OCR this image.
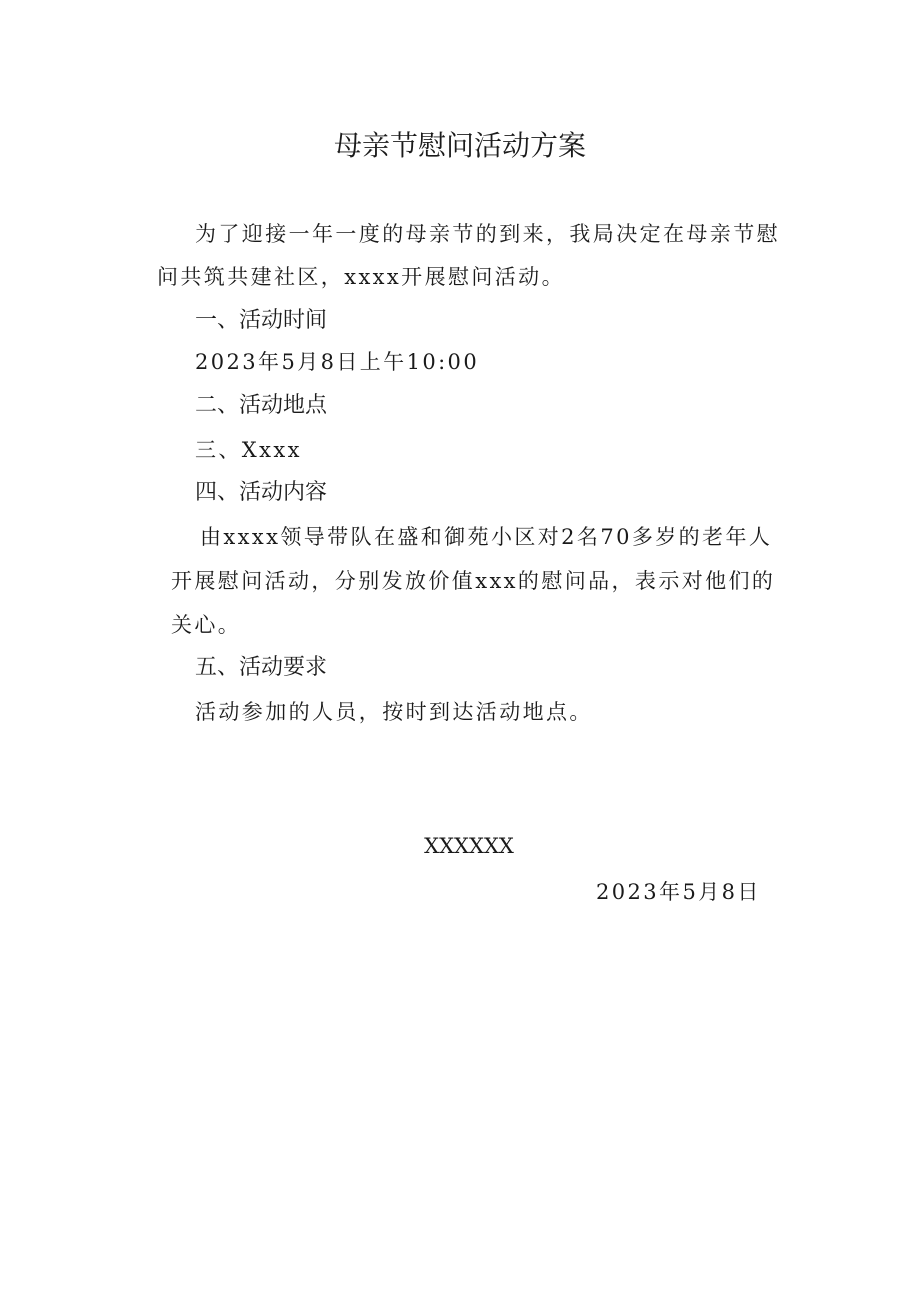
母亲节慰问活动方案
为了迎接一年一度的母亲节的到来，我局决定在母亲节慰
问共筑共建社区，xxxx开展慰问活动。
一、活动时间
2023年5月8日上午10:00
二、活动地点
三、Xxxx
四、活动内容
由xxxx领导带队在盛和御苑小区对2名70多岁的老年人
开展慰问活动，分别发放价值xxx的慰问品，表示对他们的
关心。
五、活动要求
活动参加的人员，按时到达活动地点。
XXXXXX
2023年5月8日
